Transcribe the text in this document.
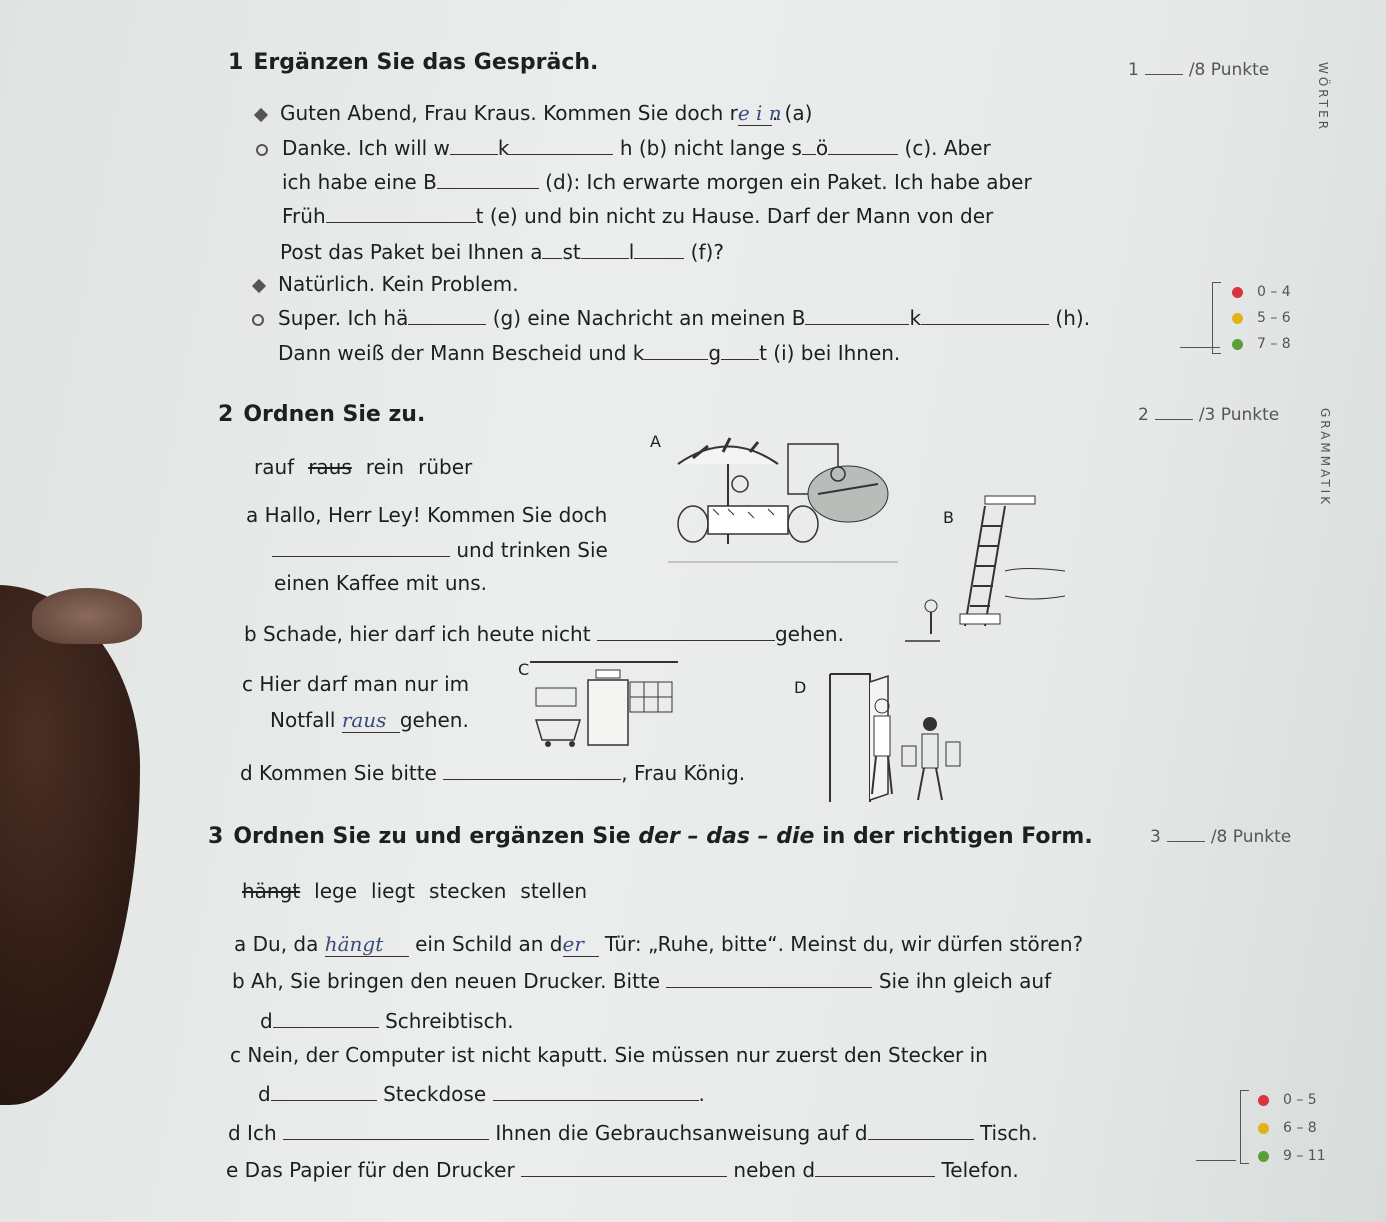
1 Ergänzen Sie das Gespräch.	1	/8 Punkte	WÖRTER
Guten Abend, Frau Kraus. Kommen Sie doch re i n. (a)
Danke. Ich will w k	h (b) nicht lange s ö	(c). Aber
ich habe eine B	(d): Ich erwarte morgen ein Paket. Ich habe aber
Früh	t (e) und bin nicht zu Hause. Darf der Mann von der
Post das Paket bei Ihnen a st l	(f)?
Natürlich. Kein Problem.
Super. Ich hä	(g) eine Nachricht an meinen B	k	(h).
Dann weiß der Mann Bescheid und k	g t (i) bei Ihnen.
0 – 4
5 – 6
7 – 8
2 Ordnen Sie zu.	2	/3 Punkte	GRAMMATIK
rauf raus rein rüber
a Hallo, Herr Ley! Kommen Sie doch
und trinken Sie
einen Kaffee mit uns.
b Schade, hier darf ich heute nicht	gehen.
c Hier darf man nur im
Notfall raus gehen.
d Kommen Sie bitte	, Frau König.
A
B
C
D
3 Ordnen Sie zu und ergänzen Sie der – das – die in der richtigen Form.	3	/8 Punkte
hängt lege liegt stecken stellen
a Du, da hängt ein Schild an der Tür: „Ruhe, bitte“. Meinst du, wir dürfen stören?
b Ah, Sie bringen den neuen Drucker. Bitte	Sie ihn gleich auf
d	Schreibtisch.
c Nein, der Computer ist nicht kaputt. Sie müssen nur zuerst den Stecker in
d	Steckdose	.
d Ich	Ihnen die Gebrauchsanweisung auf d	Tisch.
e Das Papier für den Drucker	neben d	Telefon.
0 – 5
6 – 8
9 – 11
